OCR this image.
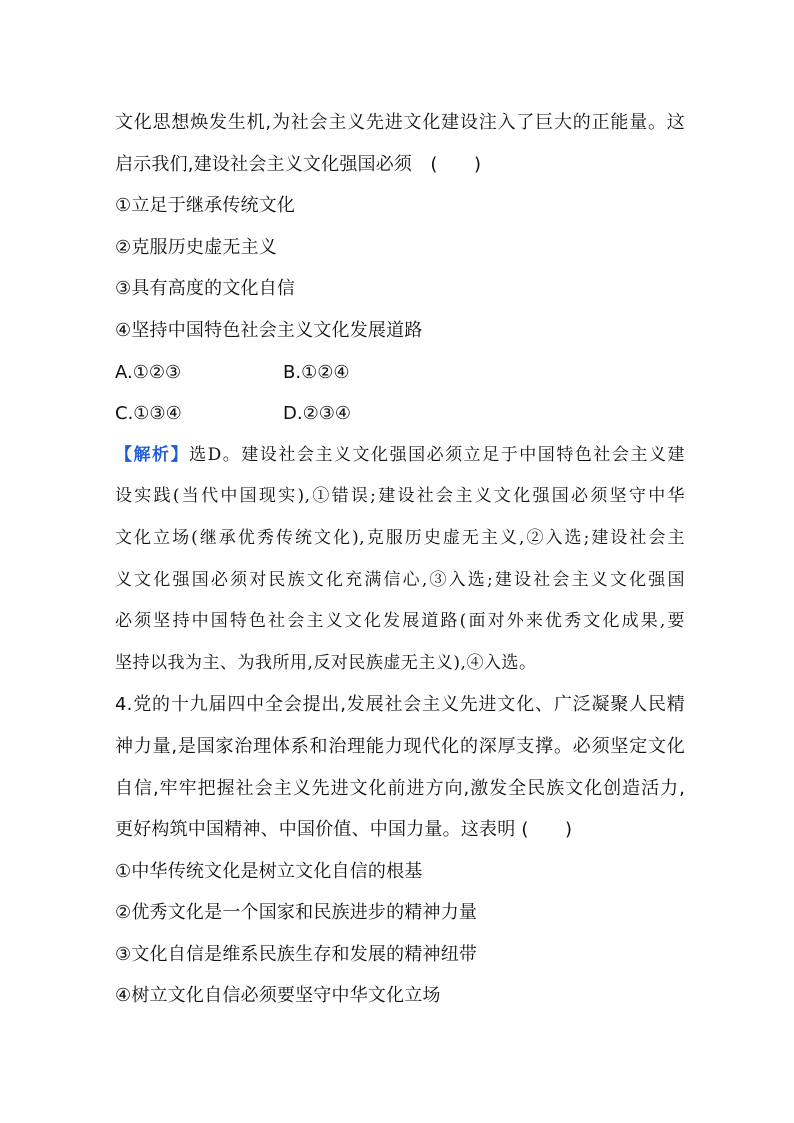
文化思想焕发生机,为社会主义先进文化建设注入了巨大的正能量。这
启示我们,建设社会主义文化强国必须　(　　)
①立足于继承传统文化
②克服历史虚无主义
③具有高度的文化自信
④坚持中国特色社会主义文化发展道路
A.①②③	B.①②④
C.①③④	D.②③④
【解析】选D。建设社会主义文化强国必须立足于中国特色社会主义建
设实践(当代中国现实),①错误;建设社会主义文化强国必须坚守中华
文化立场(继承优秀传统文化),克服历史虚无主义,②入选;建设社会主
义文化强国必须对民族文化充满信心,③入选;建设社会主义文化强国
必须坚持中国特色社会主义文化发展道路(面对外来优秀文化成果,要
坚持以我为主、为我所用,反对民族虚无主义),④入选。
4.党的十九届四中全会提出,发展社会主义先进文化、广泛凝聚人民精
神力量,是国家治理体系和治理能力现代化的深厚支撑。必须坚定文化
自信,牢牢把握社会主义先进文化前进方向,激发全民族文化创造活力,
更好构筑中国精神、中国价值、中国力量。这表明 (　　)
①中华传统文化是树立文化自信的根基
②优秀文化是一个国家和民族进步的精神力量
③文化自信是维系民族生存和发展的精神纽带
④树立文化自信必须要坚守中华文化立场
